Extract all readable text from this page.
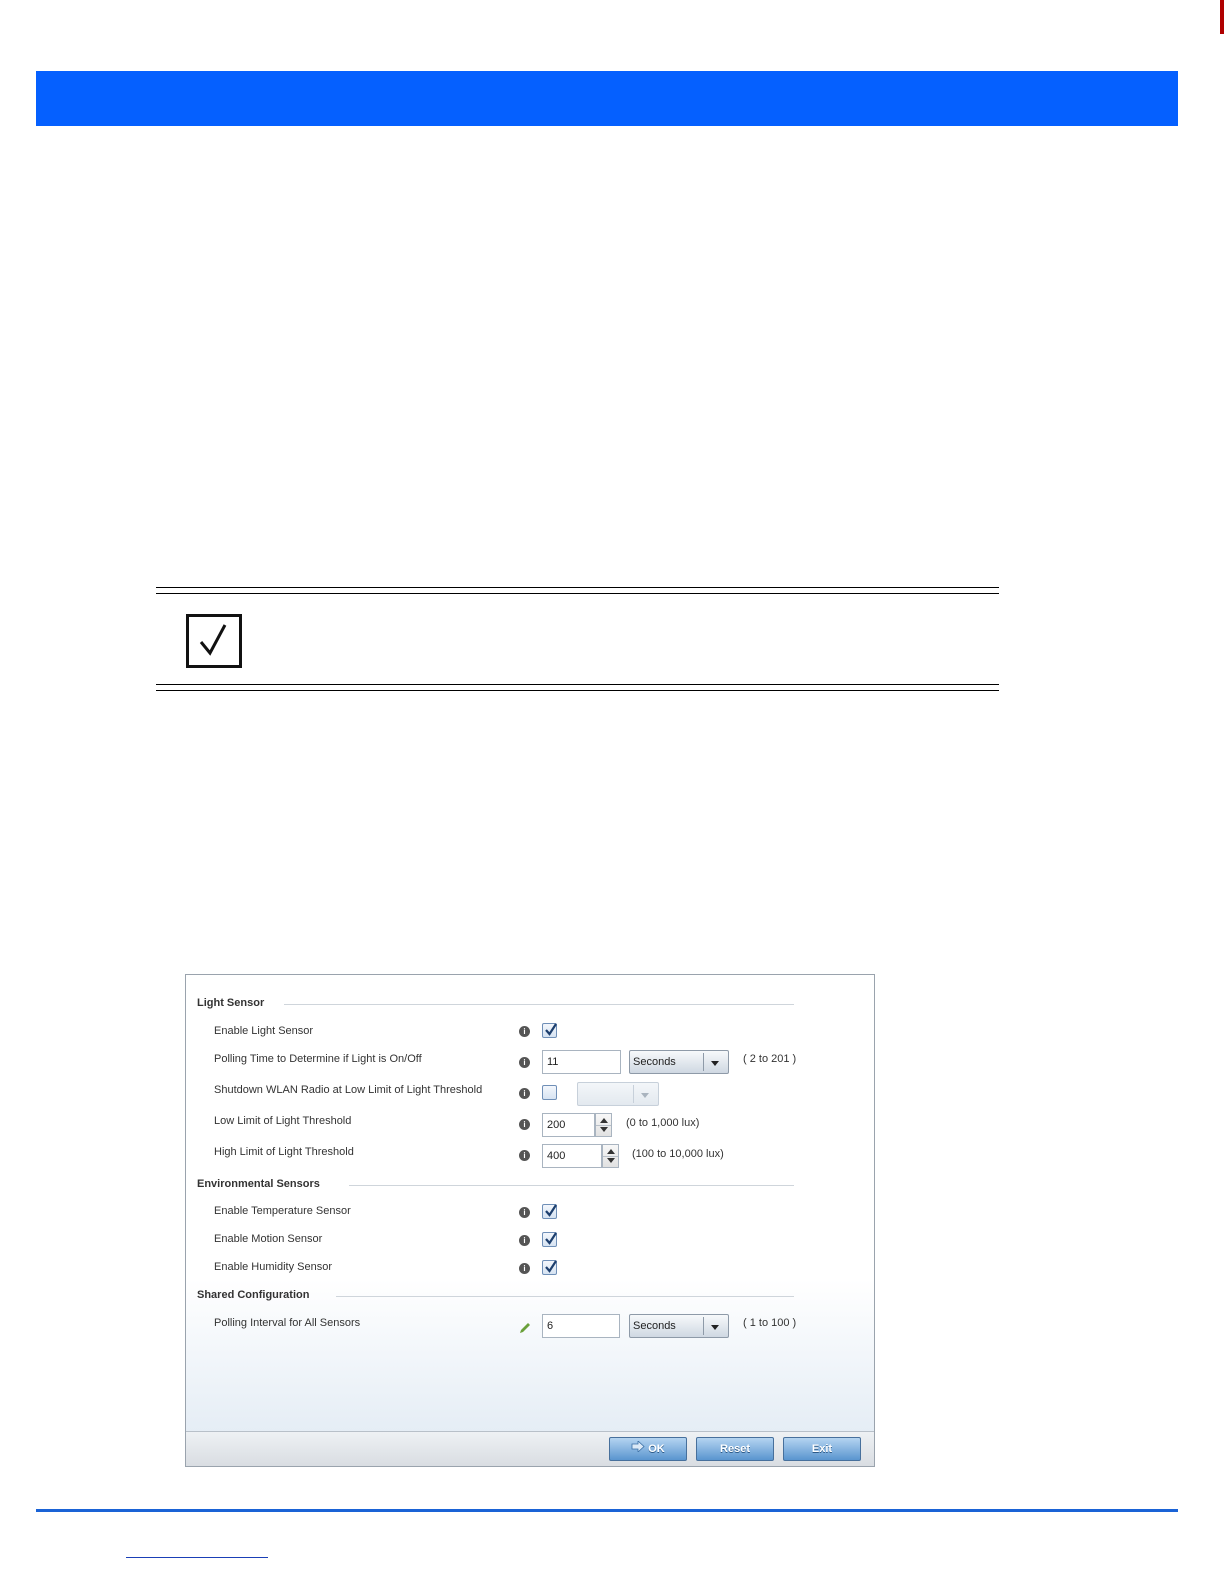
Light Sensor
Enable Light Sensor	i
Polling Time to Determine if Light is On/Off	i	11	Seconds	( 2 to 201 )
Shutdown WLAN Radio at Low Limit of Light Threshold	i
Low Limit of Light Threshold	i	200	(0 to 1,000 lux)
High Limit of Light Threshold	i	400	(100 to 10,000 lux)
Environmental Sensors
Enable Temperature Sensor	i
Enable Motion Sensor	i
Enable Humidity Sensor	i
Shared Configuration
Polling Interval for All Sensors	6	Seconds	( 1 to 100 )
OK	Reset	Exit
